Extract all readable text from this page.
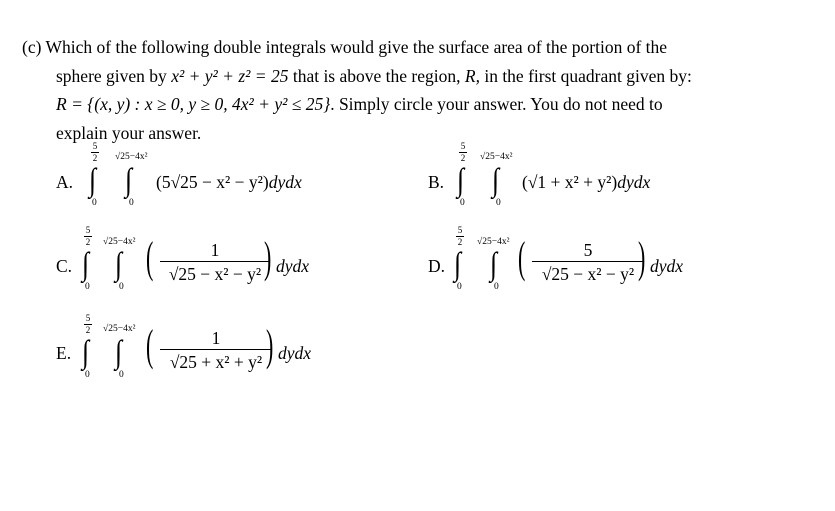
(c) Which of the following double integrals would give the surface area of the portion of the
sphere given by x² + y² + z² = 25 that is above the region, R, in the first quadrant given by:
R = {(x, y) : x ≥ 0, y ≥ 0, 4x² + y² ≤ 25}. Simply circle your answer. You do not need to
explain your answer.
A.
5
2
∫
0
√25−4x²
∫
0
(5√25 − x² − y²)dydx	B.
5
2
∫
0
√25−4x²
∫
0
(√1 + x² + y²)dydx
C.
5
2
∫
0
√25−4x²
∫
0
( $\frac{1}{\text{√25 − x² − y²}}$
) dydx	D.
5
2
∫
0
√25−4x²
∫
0
( $\frac{5}{\text{√25 − x² − y²}}$
) dydx
E.
5
2
∫
0
√25−4x²
∫
0
( $\frac{1}{\text{√25 + x² + y²}}$
) dydx
